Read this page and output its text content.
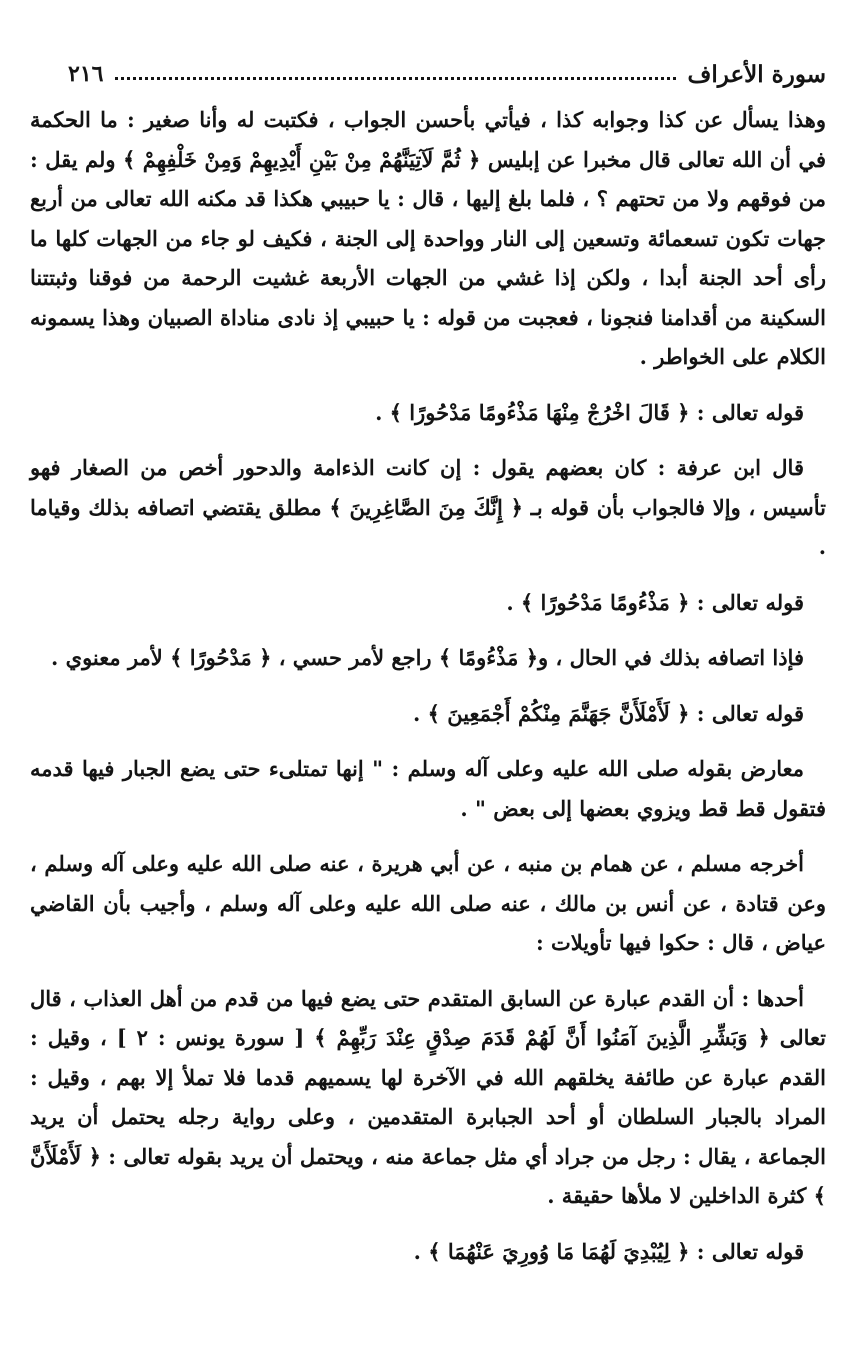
سورة الأعراف
٢١٦

وهذا يسأل عن كذا وجوابه كذا ، فيأتي بأحسن الجواب ، فكتبت له وأنا صغير : ما الحكمة في أن الله تعالى قال مخبرا عن إبليس ﴿ ثُمَّ لَآتِيَنَّهُمْ مِنْ بَيْنِ أَيْدِيهِمْ وَمِنْ خَلْفِهِمْ ﴾ ولم يقل : من فوقهم ولا من تحتهم ؟ ، فلما بلغ إليها ، قال : يا حبيبي هكذا قد مكنه الله تعالى من أربع جهات تكون تسعمائة وتسعين إلى النار وواحدة إلى الجنة ، فكيف لو جاء من الجهات كلها ما رأى أحد الجنة أبدا ، ولكن إذا غشي من الجهات الأربعة غشيت الرحمة من فوقنا وثبتتنا السكينة من أقدامنا فنجونا ، فعجبت من قوله : يا حبيبي إذ نادى مناداة الصبيان وهذا يسمونه الكلام على الخواطر .

قوله تعالى : ﴿ قَالَ اخْرُجْ مِنْهَا مَذْءُومًا مَدْحُورًا ﴾ .

قال ابن عرفة : كان بعضهم يقول : إن كانت الذءامة والدحور أخص من الصغار فهو تأسيس ، وإلا فالجواب بأن قوله بـ ﴿ إِنَّكَ مِنَ الصَّاغِرِينَ ﴾ مطلق يقتضي اتصافه بذلك وقياما .

قوله تعالى : ﴿ مَذْءُومًا مَدْحُورًا ﴾ .

فإذا اتصافه بذلك في الحال ، و﴿ مَذْءُومًا ﴾ راجع لأمر حسي ، ﴿ مَدْحُورًا ﴾ لأمر معنوي .

قوله تعالى : ﴿ لَأَمْلَأَنَّ جَهَنَّمَ مِنْكُمْ أَجْمَعِينَ ﴾ .

معارض بقوله صلى الله عليه وعلى آله وسلم : " إنها تمتلىء حتى يضع الجبار فيها قدمه فتقول قط قط ويزوي بعضها إلى بعض " .

أخرجه مسلم ، عن همام بن منبه ، عن أبي هريرة ، عنه صلى الله عليه وعلى آله وسلم ، وعن قتادة ، عن أنس بن مالك ، عنه صلى الله عليه وعلى آله وسلم ، وأجيب بأن القاضي عياض ، قال : حكوا فيها تأويلات :

أحدها : أن القدم عبارة عن السابق المتقدم حتى يضع فيها من قدم من أهل العذاب ، قال تعالى ﴿ وَبَشِّرِ الَّذِينَ آمَنُوا أَنَّ لَهُمْ قَدَمَ صِدْقٍ عِنْدَ رَبِّهِمْ ﴾ [ سورة يونس : ٢ ] ، وقيل : القدم عبارة عن طائفة يخلقهم الله في الآخرة لها يسميهم قدما فلا تملأ إلا بهم ، وقيل : المراد بالجبار السلطان أو أحد الجبابرة المتقدمين ، وعلى رواية رجله يحتمل أن يريد الجماعة ، يقال : رجل من جراد أي مثل جماعة منه ، ويحتمل أن يريد بقوله تعالى : ﴿ لَأَمْلَأَنَّ ﴾ كثرة الداخلين لا ملأها حقيقة .

قوله تعالى : ﴿ لِيُبْدِيَ لَهُمَا مَا وُورِيَ عَنْهُمَا ﴾ .
